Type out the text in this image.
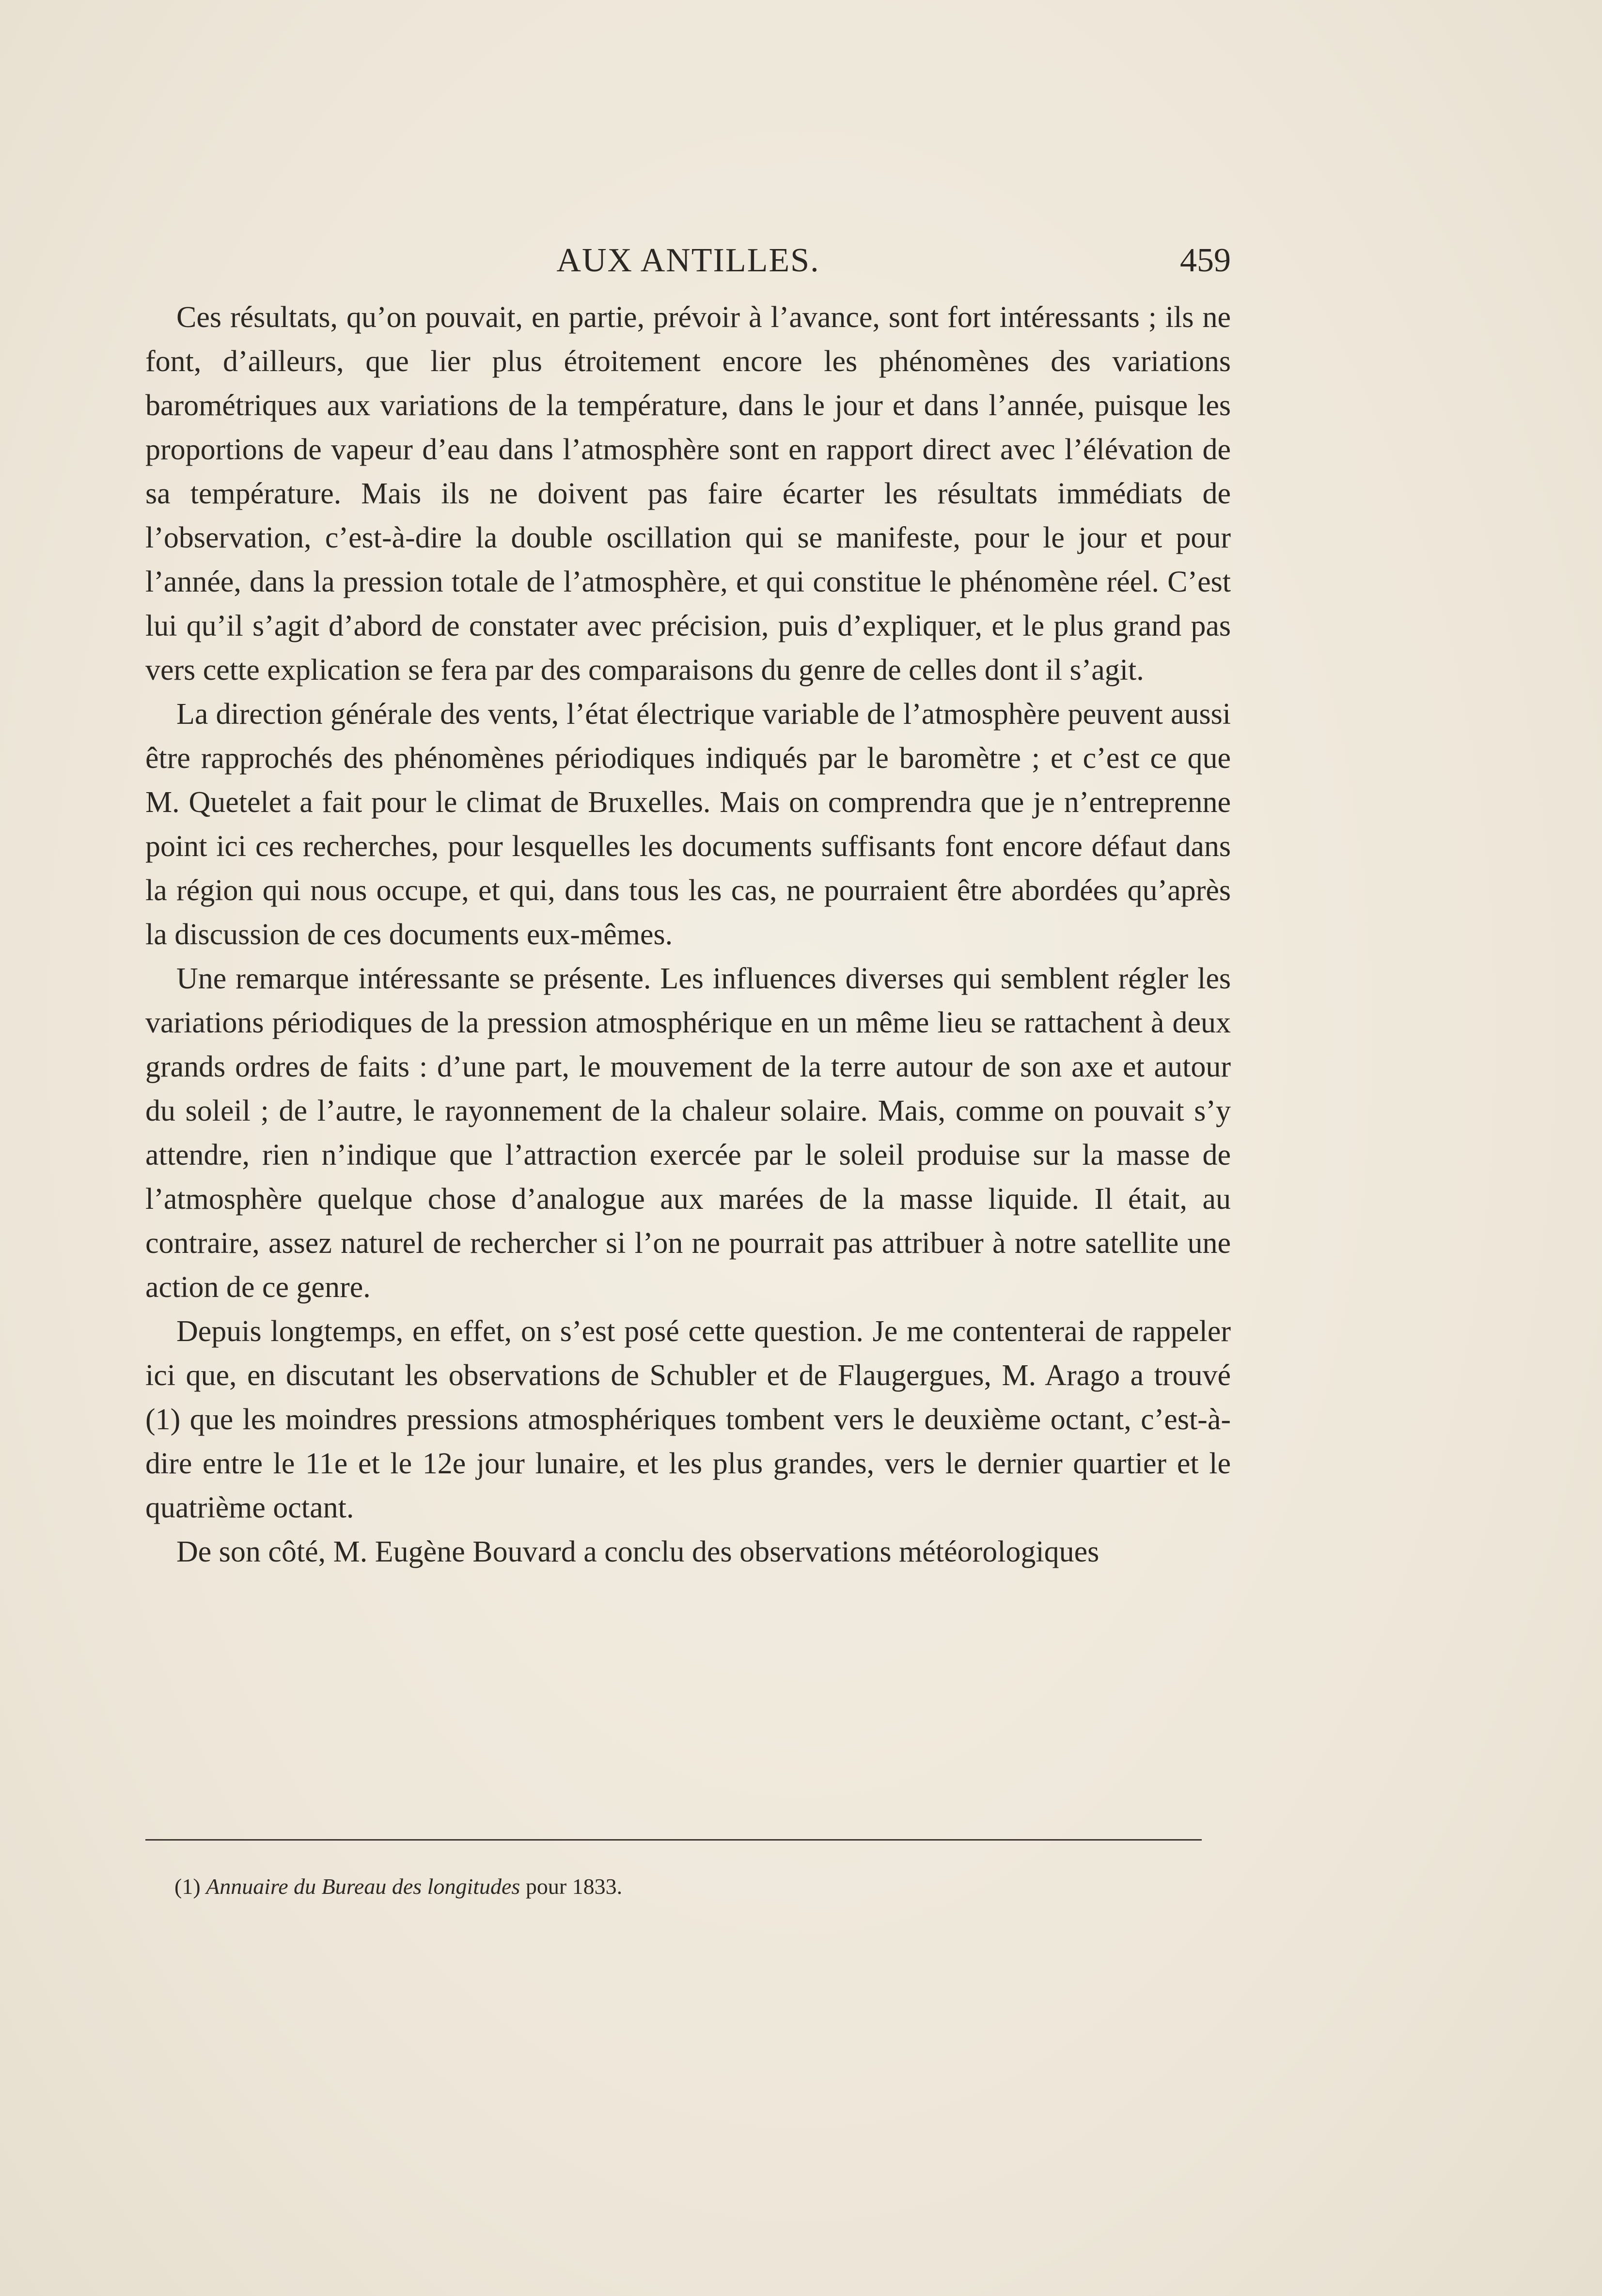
AUX ANTILLES.	459

Ces résultats, qu’on pouvait, en partie, prévoir à l’avance, sont fort intéressants ; ils ne font, d’ailleurs, que lier plus étroitement encore les phénomènes des variations barométriques aux variations de la température, dans le jour et dans l’année, puisque les proportions de vapeur d’eau dans l’atmosphère sont en rapport direct avec l’élévation de sa température. Mais ils ne doivent pas faire écarter les résultats immédiats de l’observation, c’est-à-dire la double oscillation qui se manifeste, pour le jour et pour l’année, dans la pression totale de l’atmosphère, et qui constitue le phénomène réel. C’est lui qu’il s’agit d’abord de constater avec précision, puis d’expliquer, et le plus grand pas vers cette explication se fera par des comparaisons du genre de celles dont il s’agit.

La direction générale des vents, l’état électrique variable de l’atmosphère peuvent aussi être rapprochés des phénomènes périodiques indiqués par le baromètre ; et c’est ce que M. Quetelet a fait pour le climat de Bruxelles. Mais on comprendra que je n’entreprenne point ici ces recherches, pour lesquelles les documents suffisants font encore défaut dans la région qui nous occupe, et qui, dans tous les cas, ne pourraient être abordées qu’après la discussion de ces documents eux-mêmes.

Une remarque intéressante se présente. Les influences diverses qui semblent régler les variations périodiques de la pression atmosphérique en un même lieu se rattachent à deux grands ordres de faits : d’une part, le mouvement de la terre autour de son axe et autour du soleil ; de l’autre, le rayonnement de la chaleur solaire. Mais, comme on pouvait s’y attendre, rien n’indique que l’attraction exercée par le soleil produise sur la masse de l’atmosphère quelque chose d’analogue aux marées de la masse liquide. Il était, au contraire, assez naturel de rechercher si l’on ne pourrait pas attribuer à notre satellite une action de ce genre.

Depuis longtemps, en effet, on s’est posé cette question. Je me contenterai de rappeler ici que, en discutant les observations de Schubler et de Flaugergues, M. Arago a trouvé (1) que les moindres pressions atmosphériques tombent vers le deuxième octant, c’est-à-dire entre le 11e et le 12e jour lunaire, et les plus grandes, vers le dernier quartier et le quatrième octant.

De son côté, M. Eugène Bouvard a conclu des observations météorologiques

(1) Annuaire du Bureau des longitudes pour 1833.
